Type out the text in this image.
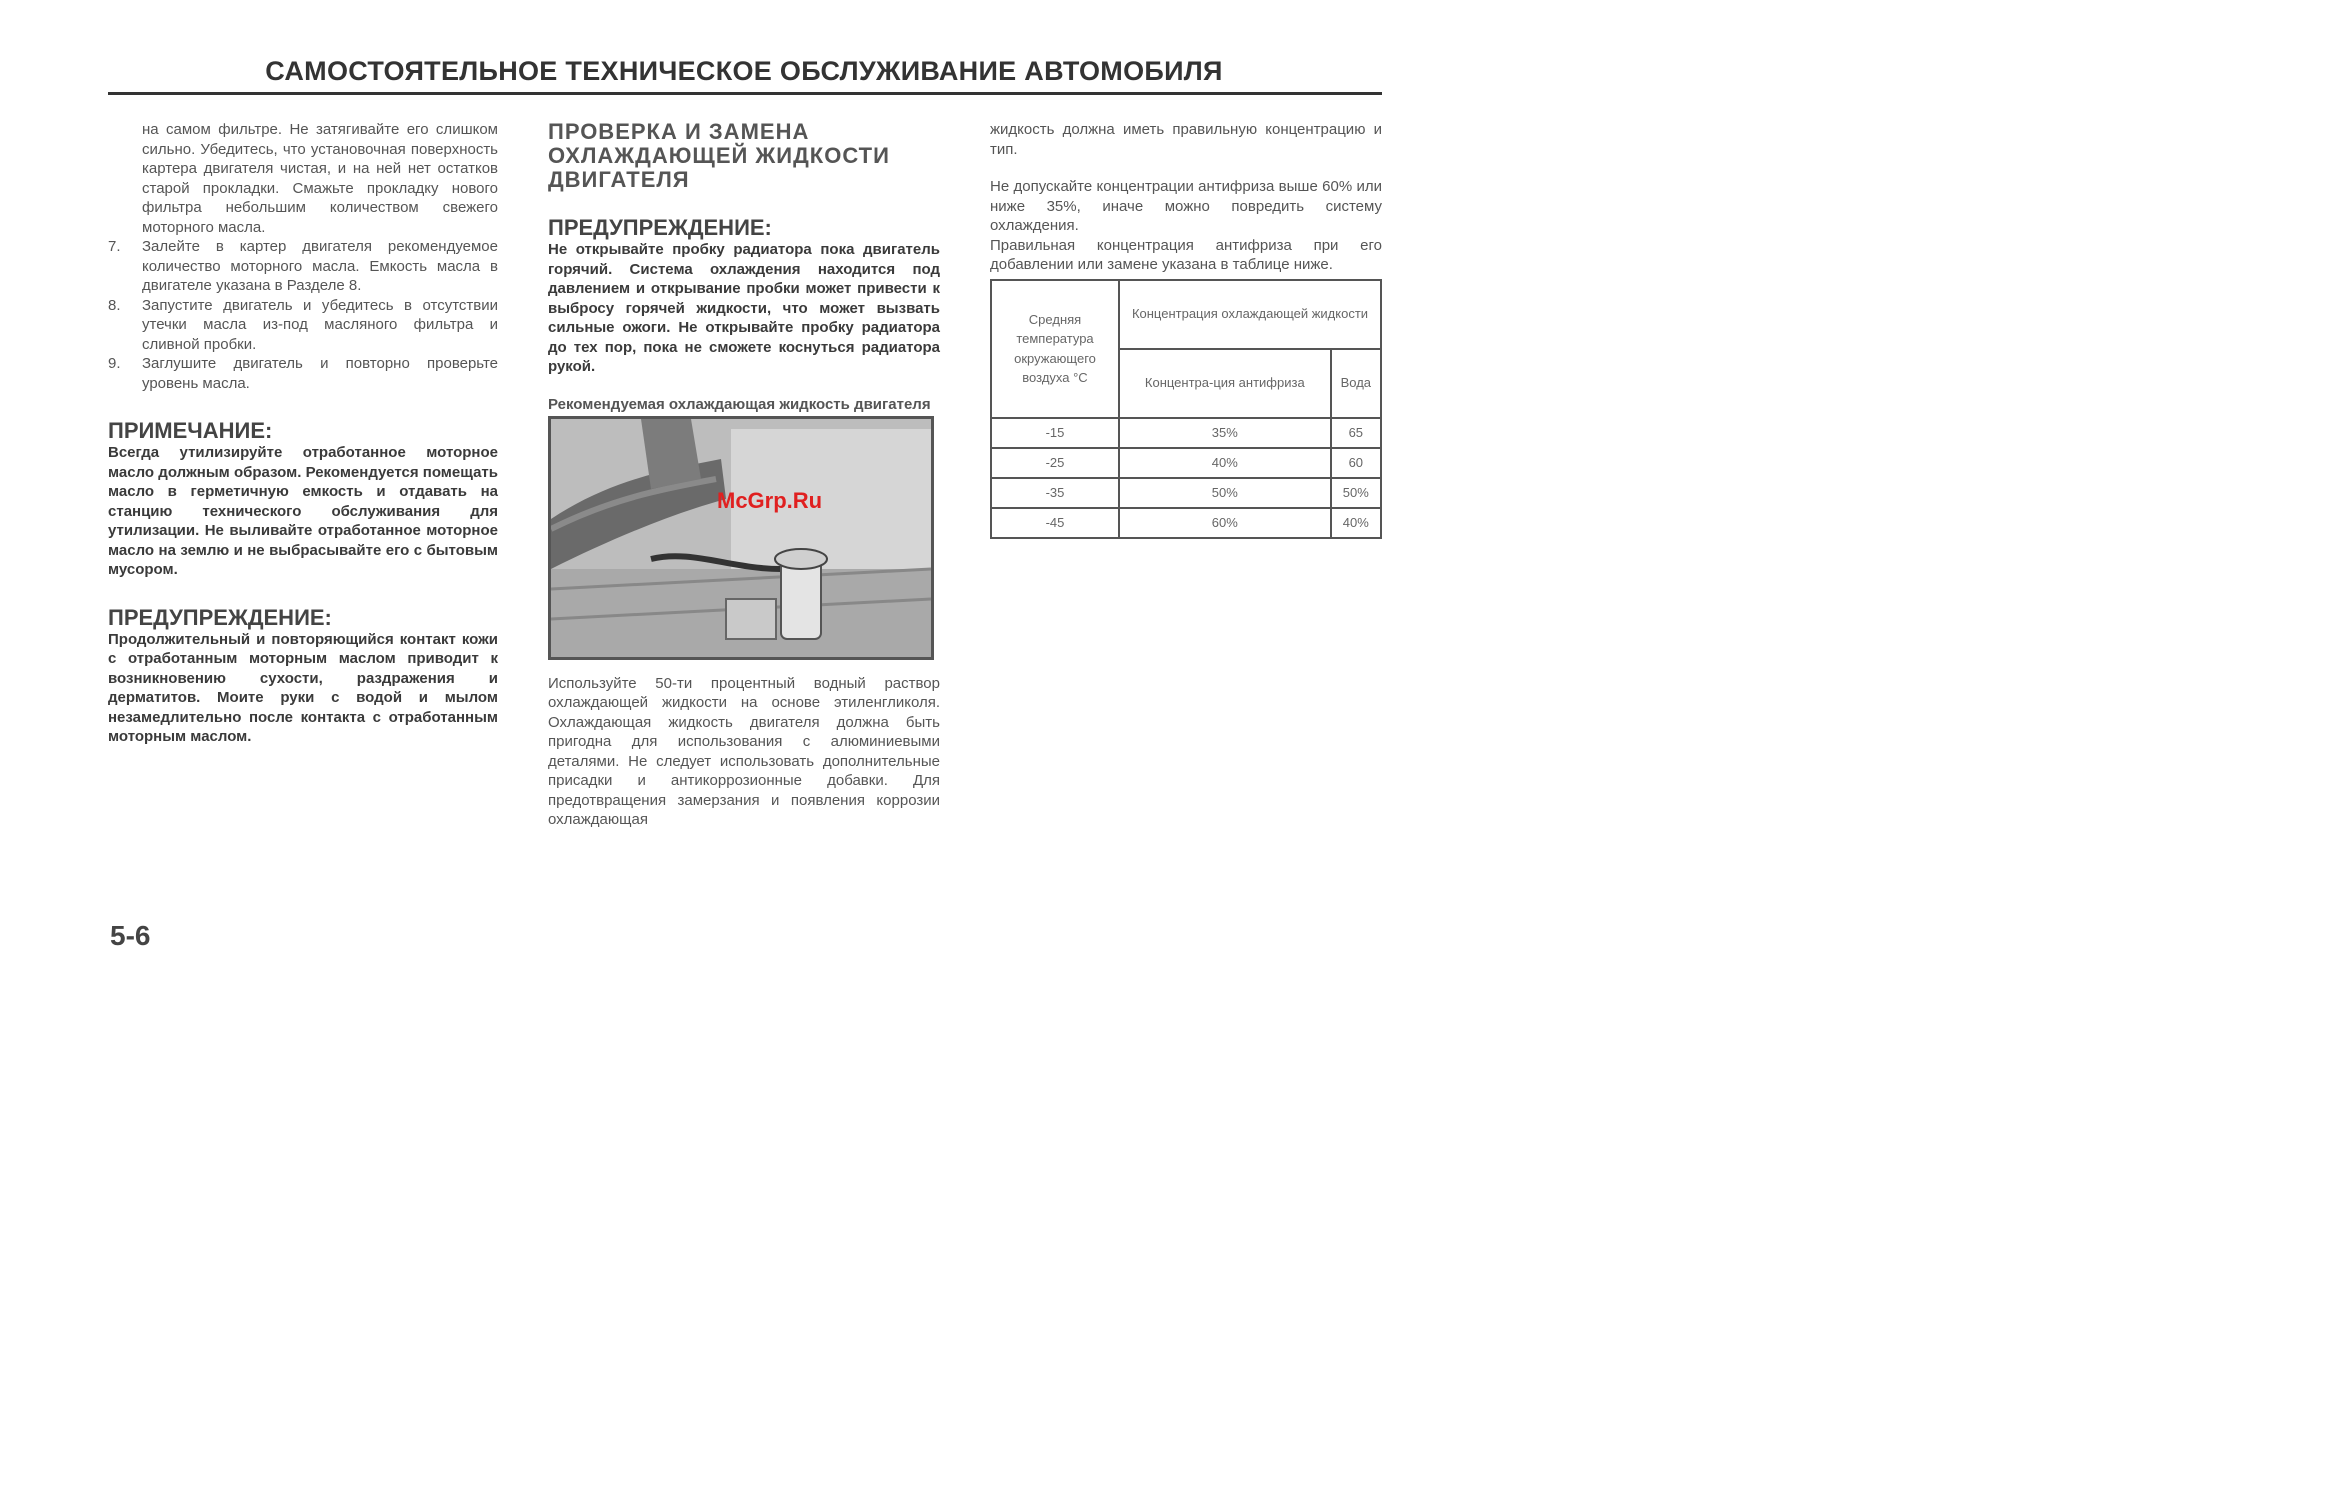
САМОСТОЯТЕЛЬНОЕ ТЕХНИЧЕСКОЕ ОБСЛУЖИВАНИЕ АВТОМОБИЛЯ

на самом фильтре. Не затягивайте его слишком сильно. Убедитесь, что установочная поверхность картера двигателя чистая, и на ней нет остатков старой прокладки. Смажьте прокладку нового фильтра небольшим количеством свежего моторного масла.

7.	Залейте в картер двигателя рекомендуемое количество моторного масла. Емкость масла в двигателе указана в Разделе 8.
8.	Запустите двигатель и убедитесь в отсутствии утечки масла из-под масляного фильтра и сливной пробки.
9.	Заглушите двигатель и повторно проверьте уровень масла.
ПРИМЕЧАНИЕ:

Всегда утилизируйте отработанное моторное масло должным образом. Рекомендуется помещать масло в герметичную емкость и отдавать на станцию технического обслуживания для утилизации. Не выливайте отработанное моторное масло на землю и не выбрасывайте его с бытовым мусором.

ПРЕДУПРЕЖДЕНИЕ:

Продолжительный и повторяющийся контакт кожи с отработанным моторным маслом приводит к возникновению сухости, раздражения и дерматитов. Моите руки с водой и мылом незамедлительно после контакта с отработанным моторным маслом.

ПРОВЕРКА И ЗАМЕНА ОХЛАЖДАЮЩЕЙ ЖИДКОСТИ ДВИГАТЕЛЯ
ПРЕДУПРЕЖДЕНИЕ:

Не открывайте пробку радиатора пока двигатель горячий. Система охлаждения находится под давлением и открывание пробки может привести к выбросу горячей жидкости, что может вызвать сильные ожоги. Не открывайте пробку радиатора до тех пор, пока не сможете коснуться радиатора рукой.

Рекомендуемая охлаждающая жидкость двигателя

Используйте 50-ти процентный водный раствор охлаждающей жидкости на основе этиленгликоля. Охлаждающая жидкость двигателя должна быть пригодна для использования с алюминиевыми деталями. Не следует использовать дополнительные присадки и антикоррозионные добавки. Для предотвращения замерзания и появления коррозии охлаждающая

McGrp.Ru

жидкость должна иметь правильную концентрацию и тип.

Не допускайте концентрации антифриза выше 60% или ниже 35%, иначе можно повредить систему охлаждения.

Правильная концентрация антифриза при его добавлении или замене указана в таблице ниже.

Средняя температура окружающего воздуха °С	Концентрация охлаждающей жидкости	
	Концентра-ция антифриза	Вода
-15	35%	65
-25	40%	60
-35	50%	50%
-45	60%	40%
5-6
